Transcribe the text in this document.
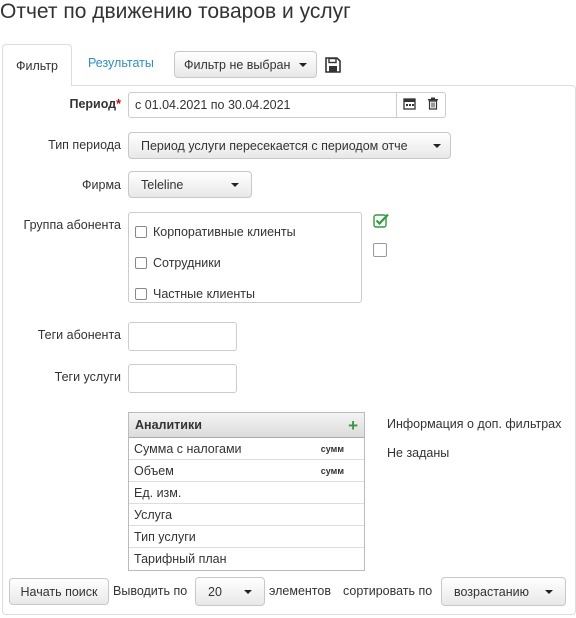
Отчет по движению товаров и услуг
Фильтр	Результаты Фильтр не выбран
Период*	с 01.04.2021 по 30.04.2021
Тип периода Период услуги пересекается с периодом отче
Фирма Teleline
Группа абонента	Корпоративные клиенты
Сотрудники
Частные клиенты
Теги абонента
Теги услуги
Аналитики	+
Сумма с налогами	сумм
Объем	сумм
Ед. изм.
Услуга
Тип услуги
Тарифный план
Информация о доп. фильтрах
Не заданы
Начать поиск	Выводить по 20	элементов сортировать по возрастанию
